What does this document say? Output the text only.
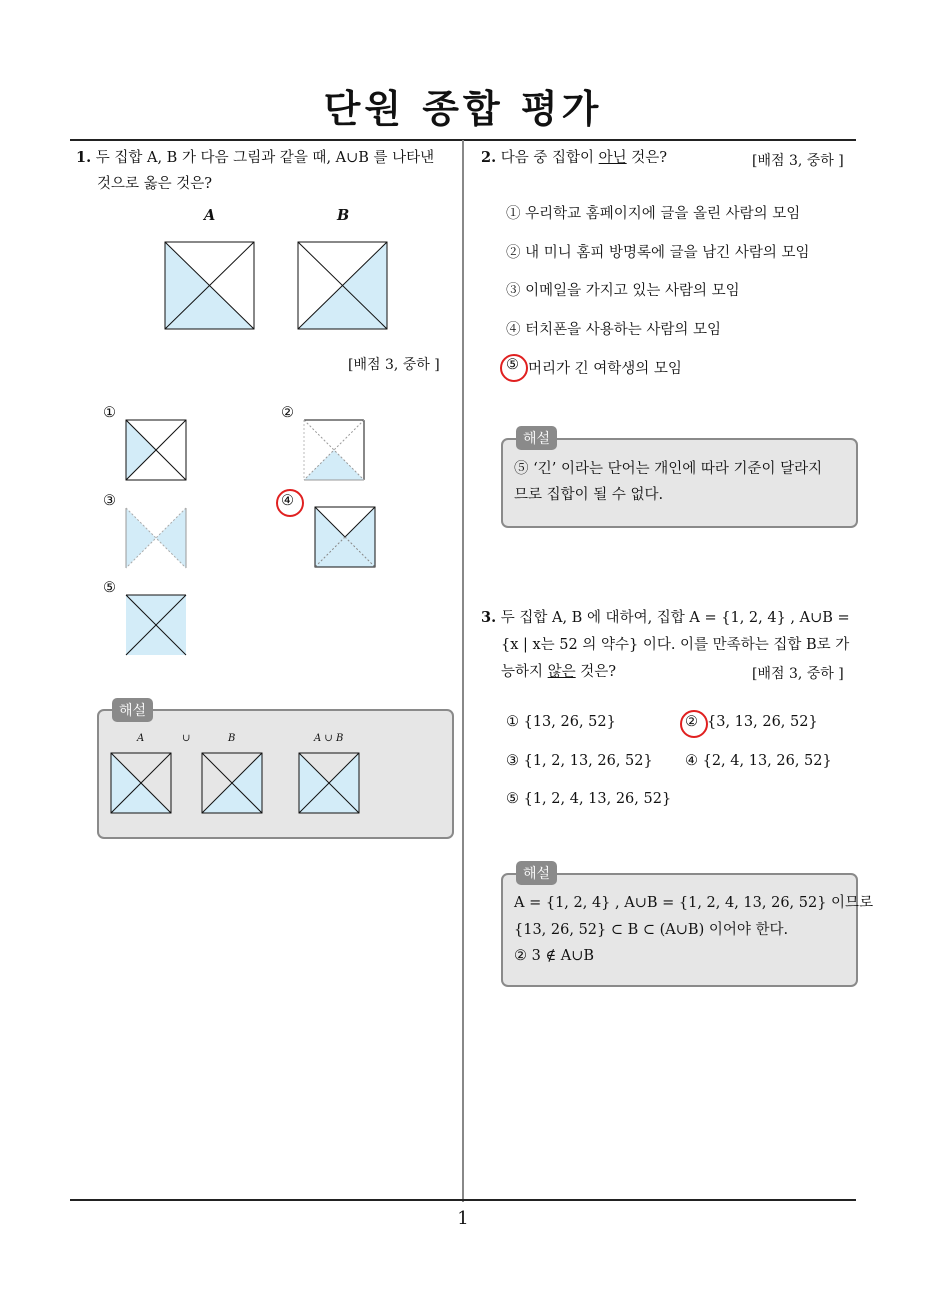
단원 종합 평가
1
1. 두 집합 A, B 가 다음 그림과 같을 때, A∪B 를 나타낸
것으로 옳은 것은?
A	B
[배점 3, 중하 ]
①	②
③	④
⑤
해설
A	∪	B	A ∪ B
2. 다음 중 집합이 아닌 것은?	[배점 3, 중하 ]
① 우리학교 홈페이지에 글을 올린 사람의 모임
② 내 미니 홈피 방명록에 글을 남긴 사람의 모임
③ 이메일을 가지고 있는 사람의 모임
④ 터치폰을 사용하는 사람의 모임
⑤ 머리가 긴 여학생의 모임
해설
⑤ ‘긴’ 이라는 단어는 개인에 따라 기준이 달라지
므로 집합이 될 수 없다.
3. 두 집합 A, B 에 대하여, 집합 A = {1, 2, 4} , A∪B =
{x | x는 52 의 약수} 이다. 이를 만족하는 집합 B로 가
능하지 않은 것은?	[배점 3, 중하 ]
① {13, 26, 52}	② {3, 13, 26, 52}
③ {1, 2, 13, 26, 52} ④ {2, 4, 13, 26, 52}
⑤ {1, 2, 4, 13, 26, 52}
해설
A = {1, 2, 4} , A∪B = {1, 2, 4, 13, 26, 52} 이므로
{13, 26, 52} ⊂ B ⊂ (A∪B) 이어야 한다.
② 3 ∉ A∪B
